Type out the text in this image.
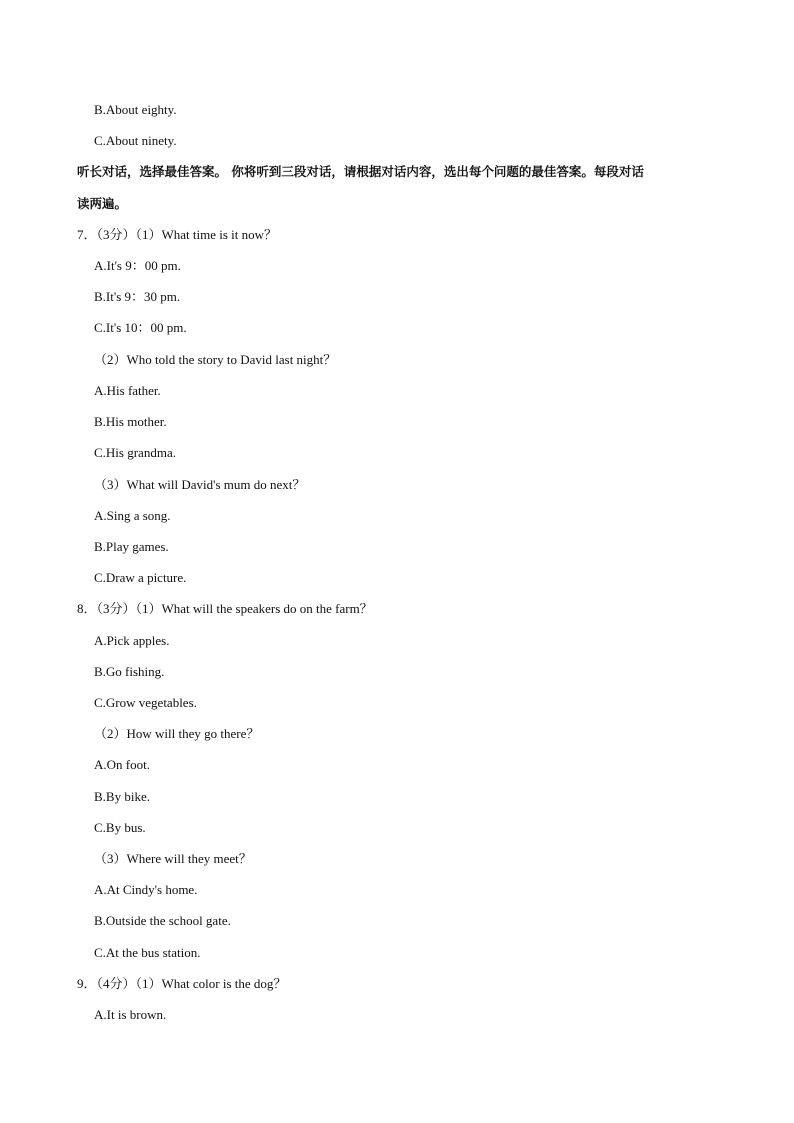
B.About eighty.
C.About ninety.
听长对话，选择最佳答案。 你将听到三段对话，请根据对话内容，选出每个问题的最佳答案。每段对话
读两遍。
7．（3分）（1）What time is it now？
A.It's 9：00 pm.
B.It's 9：30 pm.
C.It's 10：00 pm.
（2）Who told the story to David last night？
A.His father.
B.His mother.
C.His grandma.
（3）What will David's mum do next？
A.Sing a song.
B.Play games.
C.Draw a picture.
8．（3分）（1）What will the speakers do on the farm？
A.Pick apples.
B.Go fishing.
C.Grow vegetables.
（2）How will they go there？
A.On foot.
B.By bike.
C.By bus.
（3）Where will they meet？
A.At Cindy's home.
B.Outside the school gate.
C.At the bus station.
9．（4分）（1）What color is the dog？
A.It is brown.
